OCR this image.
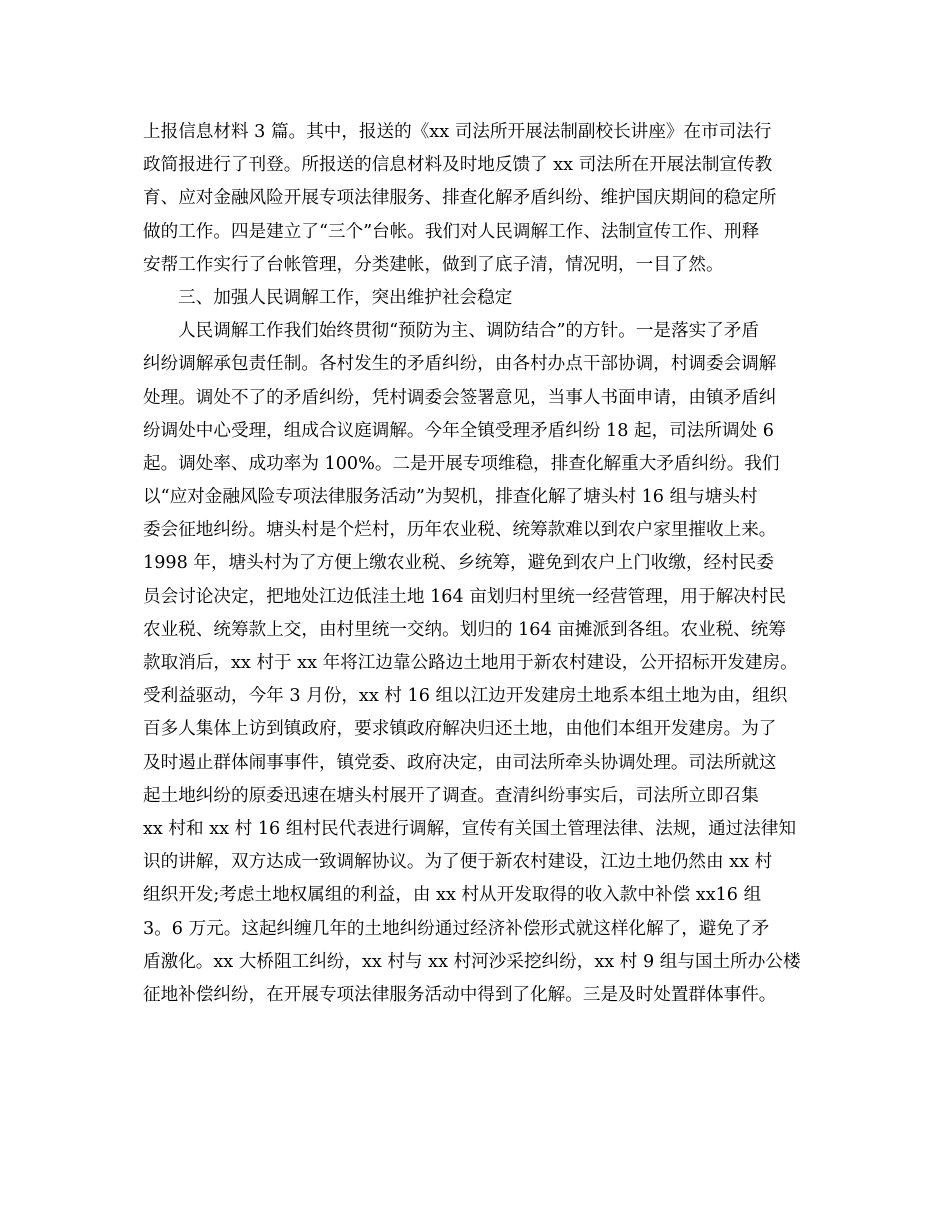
上报信息材料 3 篇。其中，报送的《xx 司法所开展法制副校长讲座》在市司法行
政简报进行了刊登。所报送的信息材料及时地反馈了 xx 司法所在开展法制宣传教
育、应对金融风险开展专项法律服务、排查化解矛盾纠纷、维护国庆期间的稳定所
做的工作。四是建立了“三个”台帐。我们对人民调解工作、法制宣传工作、刑释
安帮工作实行了台帐管理，分类建帐，做到了底子清，情况明，一目了然。
三、加强人民调解工作，突出维护社会稳定
人民调解工作我们始终贯彻“预防为主、调防结合”的方针。一是落实了矛盾
纠纷调解承包责任制。各村发生的矛盾纠纷，由各村办点干部协调，村调委会调解
处理。调处不了的矛盾纠纷，凭村调委会签署意见，当事人书面申请，由镇矛盾纠
纷调处中心受理，组成合议庭调解。今年全镇受理矛盾纠纷 18 起，司法所调处 6
起。调处率、成功率为 100%。二是开展专项维稳，排查化解重大矛盾纠纷。我们
以“应对金融风险专项法律服务活动”为契机，排查化解了塘头村 16 组与塘头村
委会征地纠纷。塘头村是个烂村，历年农业税、统筹款难以到农户家里摧收上来。
1998 年，塘头村为了方便上缴农业税、乡统筹，避免到农户上门收缴，经村民委
员会讨论决定，把地处江边低洼土地 164 亩划归村里统一经营管理，用于解决村民
农业税、统筹款上交，由村里统一交纳。划归的 164 亩摊派到各组。农业税、统筹
款取消后，xx 村于 xx 年将江边靠公路边土地用于新农村建设，公开招标开发建房。
受利益驱动，今年 3 月份，xx 村 16 组以江边开发建房土地系本组土地为由，组织
百多人集体上访到镇政府，要求镇政府解决归还土地，由他们本组开发建房。为了
及时遏止群体闹事事件，镇党委、政府决定，由司法所牵头协调处理。司法所就这
起土地纠纷的原委迅速在塘头村展开了调查。查清纠纷事实后，司法所立即召集
xx 村和 xx 村 16 组村民代表进行调解，宣传有关国土管理法律、法规，通过法律知
识的讲解，双方达成一致调解协议。为了便于新农村建设，江边土地仍然由 xx 村
组织开发;考虑土地权属组的利益，由 xx 村从开发取得的收入款中补偿 xx16 组
3。6 万元。这起纠缠几年的土地纠纷通过经济补偿形式就这样化解了，避免了矛
盾激化。xx 大桥阻工纠纷，xx 村与 xx 村河沙采挖纠纷，xx 村 9 组与国土所办公楼
征地补偿纠纷，在开展专项法律服务活动中得到了化解。三是及时处置群体事件。
